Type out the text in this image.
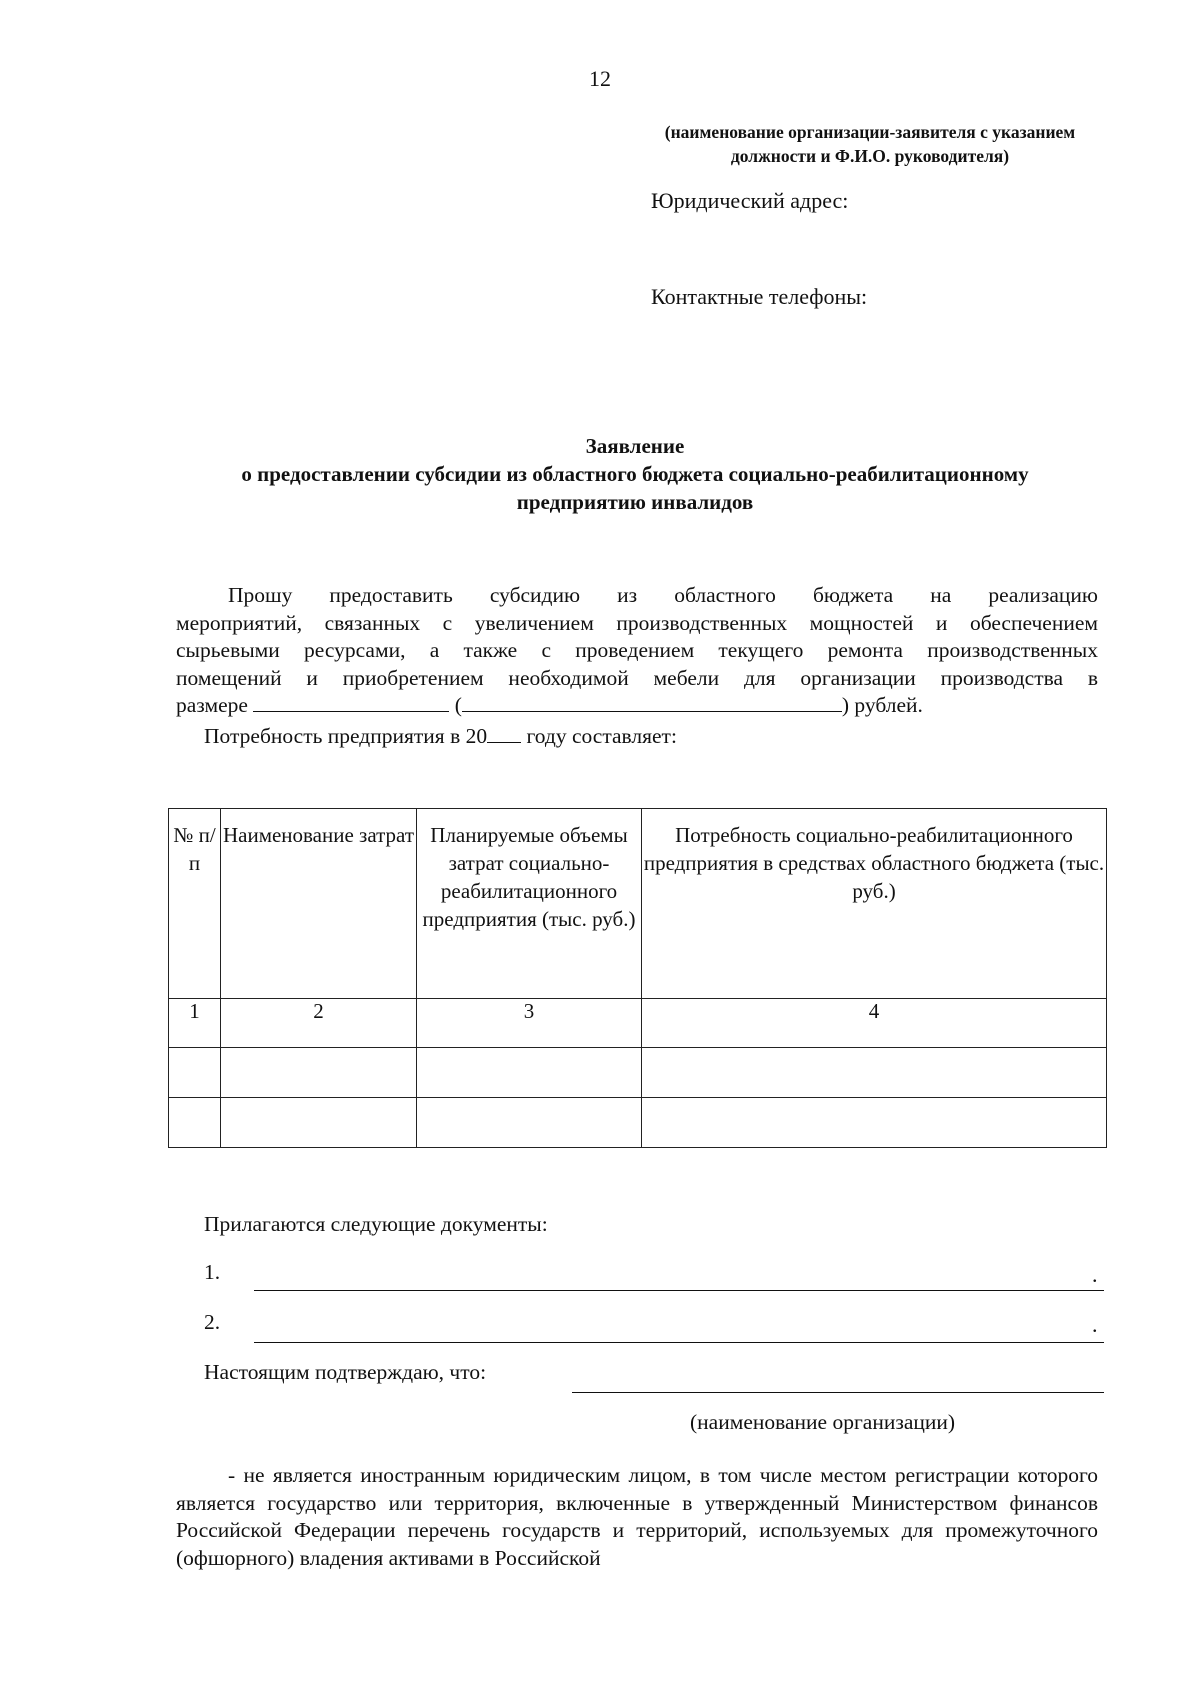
12
(наименование организации-заявителя с указанием
должности и Ф.И.О. руководителя)
Юридический адрес:
Контактные телефоны:
Заявление
о предоставлении субсидии из областного бюджета социально-реабилитационному
предприятию инвалидов
Прошу предоставить субсидию из областного бюджета на реализацию
мероприятий, связанных с увеличением производственных мощностей и обеспечением
сырьевыми ресурсами, а также с проведением текущего ремонта производственных
помещений и приобретением необходимой мебели для организации производства в
размере	(	) рублей.
Потребность предприятия в 20 году составляет:
№ п/п	Наименование затрат	Планируемые объемы затрат социально-реабилитационного предприятия (тыс. руб.)	Потребность социально-реабилитационного предприятия в средствах областного бюджета (тыс. руб.)
1	2	3	4

Прилагаются следующие документы:
1.	.
2.	.
Настоящим подтверждаю, что:
(наименование организации)
- не является иностранным юридическим лицом, в том числе местом регистрации которого является государство или территория, включенные в утвержденный Министерством финансов Российской Федерации перечень государств и территорий, используемых для промежуточного (офшорного) владения активами в Российской
